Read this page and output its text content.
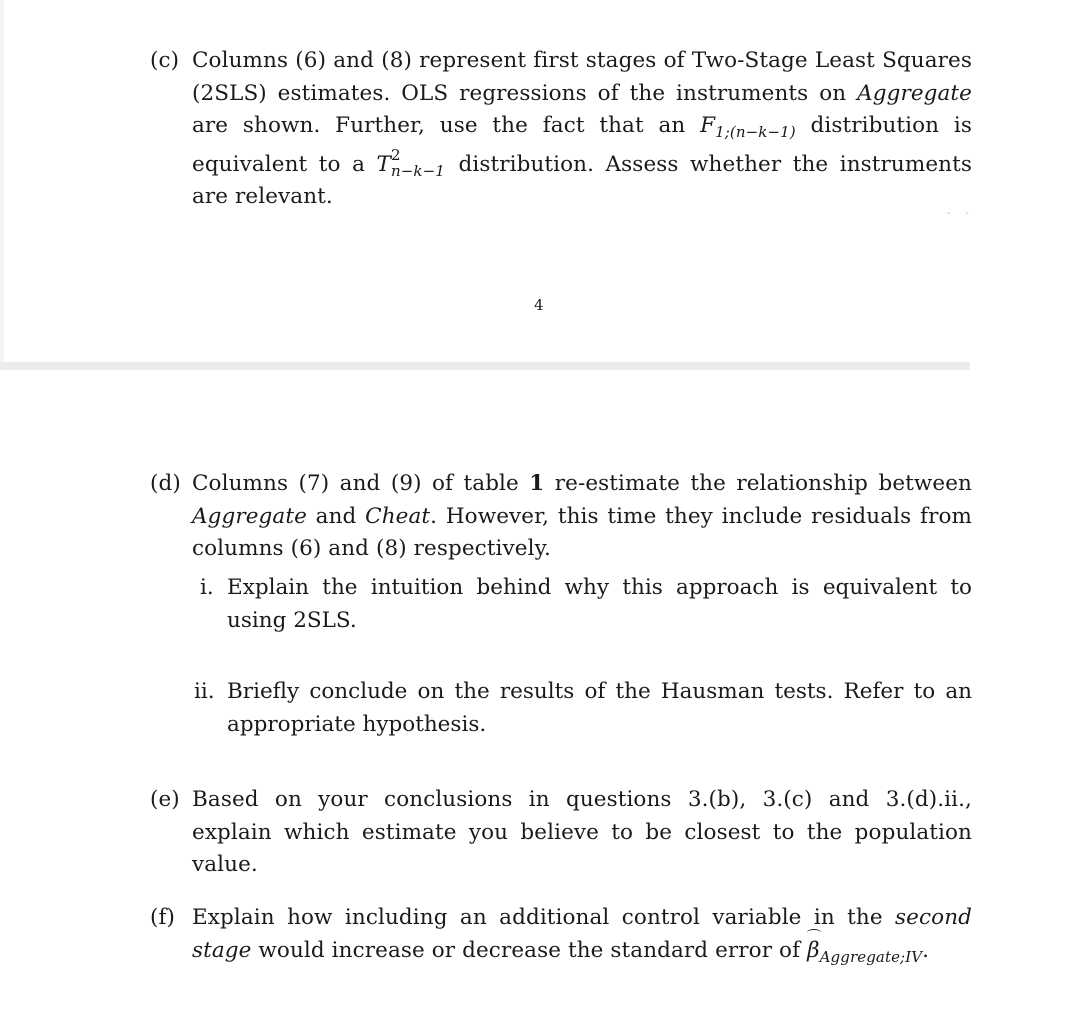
(c) Columns (6) and (8) represent first stages of Two-Stage Least Squares (2SLS) estimates. OLS regressions of the instruments on Aggregate are shown. Further, use the fact that an $F_{1;(n-k-1)}$ distribution is equivalent to a T 2
n−k−1 distribution. Assess whether the instruments are relevant.
- -
4
(d) Columns (7) and (9) of table 1 re-estimate the relationship between Aggregate and Cheat. However, this time they include residuals from columns (6) and (8) respectively.
i. Explain the intuition behind why this approach is equivalent to using 2SLS.
ii. Briefly conclude on the results of the Hausman tests. Refer to an appropriate hypothesis.
(e) Based on your conclusions in questions 3.(b), 3.(c) and 3.(d).ii., explain which estimate you believe to be closest to the population value.
(f) Explain how including an additional control variable in the second stage would increase or decrease the standard error of $\beta_{Aggregate;IV}$.
